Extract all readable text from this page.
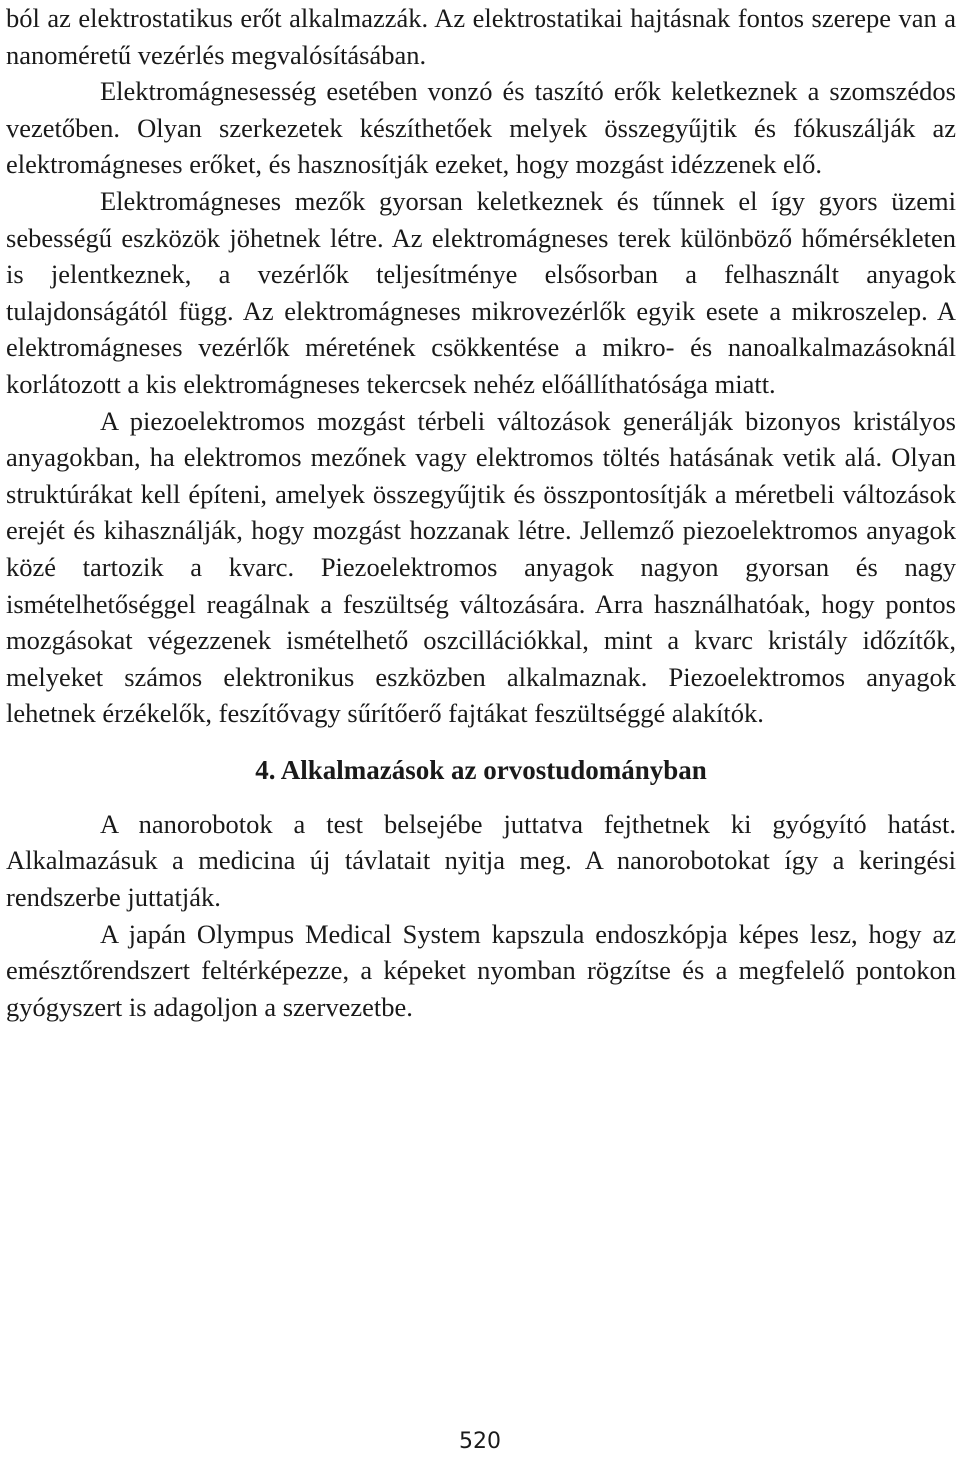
ból az elektrostatikus erőt alkalmazzák. Az elektrostatikai hajtásnak fontos szerepe van a nanoméretű vezérlés megvalósításában.

Elektromágnesesség esetében vonzó és taszító erők keletkeznek a szomszédos vezetőben. Olyan szerkezetek készíthetőek melyek összegyűjtik és fókuszálják az elektromágneses erőket, és hasznosítják ezeket, hogy mozgást idézzenek elő.

Elektromágneses mezők gyorsan keletkeznek és tűnnek el így gyors üzemi sebességű eszközök jöhetnek létre. Az elektromágneses terek különböző hőmérsékleten is jelentkeznek, a vezérlők teljesítménye elsősorban a felhasznált anyagok tulajdonságától függ. Az elektromágneses mikrovezérlők egyik esete a mikroszelep. A elektromágneses vezérlők méretének csökkentése a mikro- és nanoalkalmazásoknál korlátozott a kis elektromágneses tekercsek nehéz előállíthatósága miatt.

A piezoelektromos mozgást térbeli változások generálják bizonyos kristályos anyagokban, ha elektromos mezőnek vagy elektromos töltés hatásának vetik alá. Olyan struktúrákat kell építeni, amelyek összegyűjtik és összpontosítják a méretbeli változások erejét és kihasználják, hogy mozgást hozzanak létre. Jellemző piezoelektromos anyagok közé tartozik a kvarc. Piezoelektromos anyagok nagyon gyorsan és nagy ismételhetőséggel reagálnak a feszültség változására. Arra használhatóak, hogy pontos mozgásokat végezzenek ismételhető oszcillációkkal, mint a kvarc kristály időzítők, melyeket számos elektronikus eszközben alkalmaznak. Piezoelektromos anyagok lehetnek érzékelők, feszítővagy sűrítőerő fajtákat feszültséggé alakítók.

4. Alkalmazások az orvostudományban

A nanorobotok a test belsejébe juttatva fejthetnek ki gyógyító hatást. Alkalmazásuk a medicina új távlatait nyitja meg. A nanorobotokat így a keringési rendszerbe juttatják.

A japán Olympus Medical System kapszula endoszkópja képes lesz, hogy az emésztőrendszert feltérképezze, a képeket nyomban rögzítse és a megfelelő pontokon gyógyszert is adagoljon a szervezetbe.

520
